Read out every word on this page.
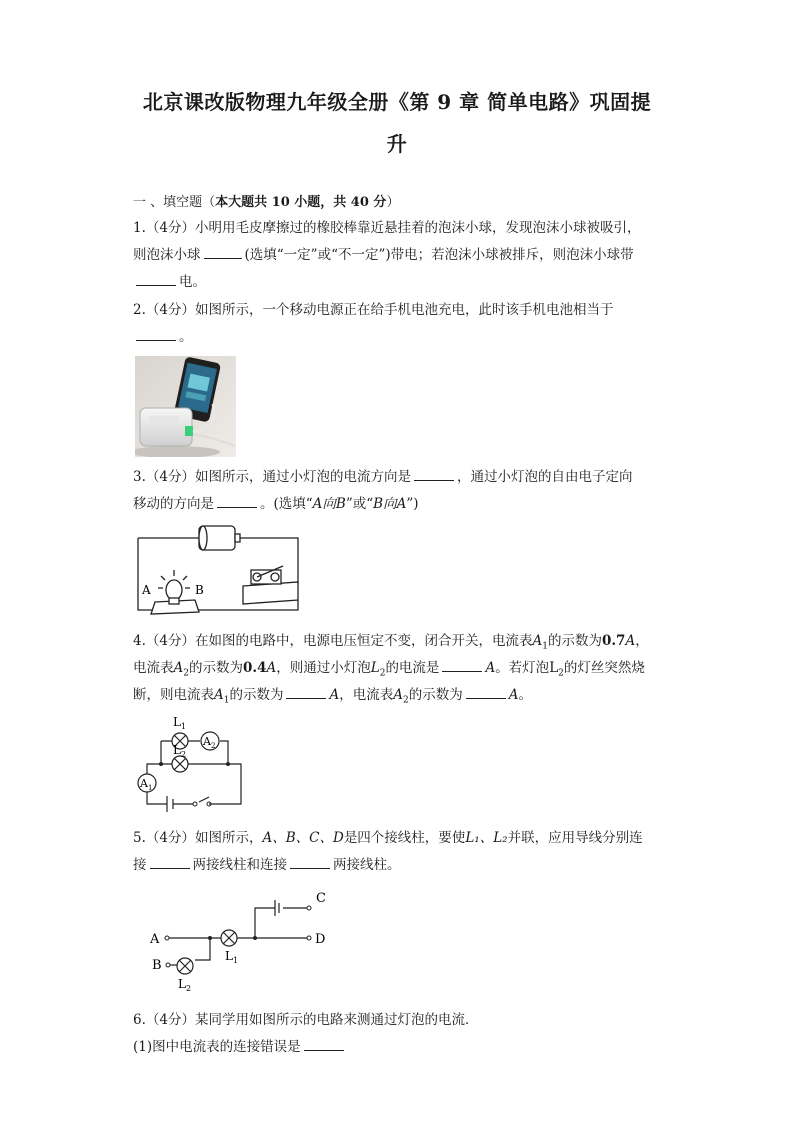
北京课改版物理九年级全册《第 9 章 简单电路》巩固提
升
一 、填空题（本大题共 10 小题，共 40 分）
1.（4分）小明用毛皮摩擦过的橡胶棒靠近悬挂着的泡沫小球，发现泡沫小球被吸引，
则泡沫小球	(选填“一定”或“不一定”)带电；若泡沫小球被排斥，则泡沫小球带
电。
2.（4分）如图所示，一个移动电源正在给手机电池充电，此时该手机电池相当于
。
3.（4分）如图所示，通过小灯泡的电流方向是	，通过小灯泡的自由电子定向
移动的方向是	。(选填“A向B”或“B向A”)
A	B
4.（4分）在如图的电路中，电源电压恒定不变，闭合开关，电流表$A_1$的示数为0.7A，
电流表$A_2$的示数为0.4A，则通过小灯泡$L_2$的电流是	A。若灯泡$L_2$的灯丝突然烧
断，则电流表$A_1$的示数为	A，电流表$A_2$的示数为	A。
$L_1$
$L_2$
$A_2$
$A_1$
5.（4分）如图所示，A、B、C、D是四个接线柱，要使L₁、L₂并联，应用导线分别连
接	两接线柱和连接	两接线柱。
A
B
C
D
$L_1$
$L_2$
6.（4分）某同学用如图所示的电路来测通过灯泡的电流．
(1)图中电流表的连接错误是
